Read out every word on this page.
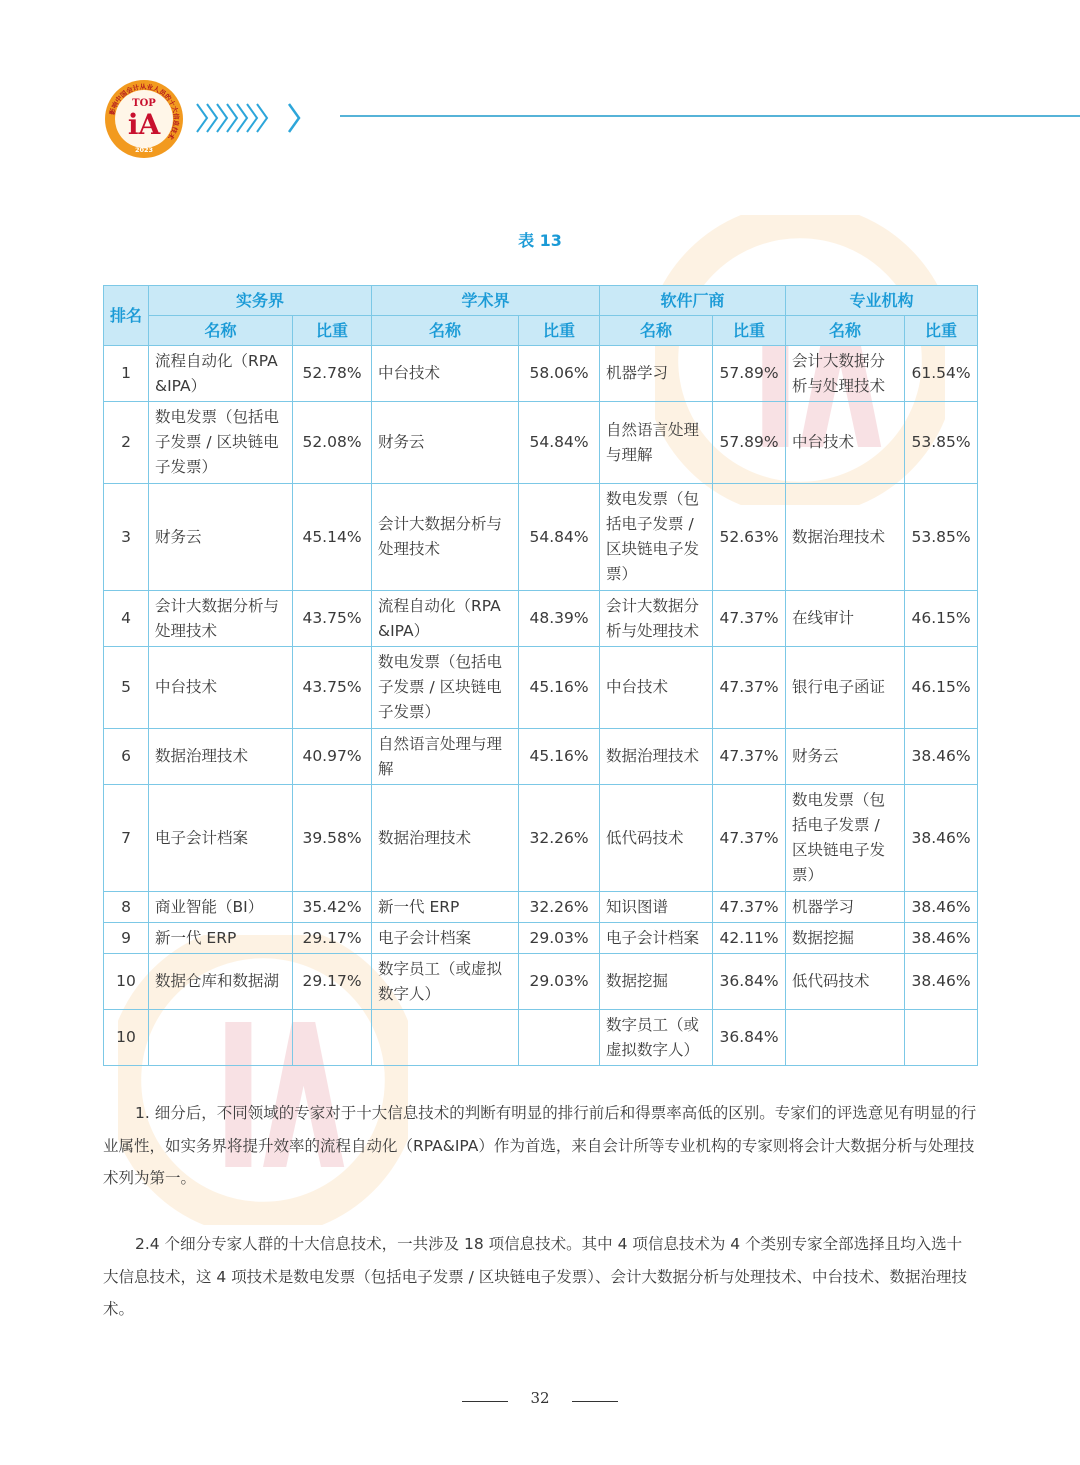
影响中国会计从业人员的十大信息技术
TOP
iA
2023
表 13
排名	实务界		学术界		软件厂商		专业机构	
	名称	比重	名称	比重	名称	比重	名称	比重
1	流程自动化（RPA&IPA）	52.78%	中台技术	58.06%	机器学习	57.89%	会计大数据分析与处理技术	61.54%
2	数电发票（包括电子发票 / 区块链电子发票）	52.08%	财务云	54.84%	自然语言处理与理解	57.89%	中台技术	53.85%
3	财务云	45.14%	会计大数据分析与处理技术	54.84%	数电发票（包括电子发票 / 区块链电子发票）	52.63%	数据治理技术	53.85%
4	会计大数据分析与处理技术	43.75%	流程自动化（RPA&IPA）	48.39%	会计大数据分析与处理技术	47.37%	在线审计	46.15%
5	中台技术	43.75%	数电发票（包括电子发票 / 区块链电子发票）	45.16%	中台技术	47.37%	银行电子函证	46.15%
6	数据治理技术	40.97%	自然语言处理与理解	45.16%	数据治理技术	47.37%	财务云	38.46%
7	电子会计档案	39.58%	数据治理技术	32.26%	低代码技术	47.37%	数电发票（包括电子发票 / 区块链电子发票）	38.46%
8	商业智能（BI）	35.42%	新一代 ERP	32.26%	知识图谱	47.37%	机器学习	38.46%
9	新一代 ERP	29.17%	电子会计档案	29.03%	电子会计档案	42.11%	数据挖掘	38.46%
10	数据仓库和数据湖	29.17%	数字员工（或虚拟数字人）	29.03%	数据挖掘	36.84%	低代码技术	38.46%
10					数字员工（或虚拟数字人）	36.84%		

1. 细分后，不同领域的专家对于十大信息技术的判断有明显的排行前后和得票率高低的区别。专家们的评选意见有明显的行业属性，如实务界将提升效率的流程自动化（RPA&IPA）作为首选，来自会计所等专业机构的专家则将会计大数据分析与处理技术列为第一。

2.4 个细分专家人群的十大信息技术，一共涉及 18 项信息技术。其中 4 项信息技术为 4 个类别专家全部选择且均入选十大信息技术，这 4 项技术是数电发票（包括电子发票 / 区块链电子发票）、会计大数据分析与处理技术、中台技术、数据治理技术。

32
